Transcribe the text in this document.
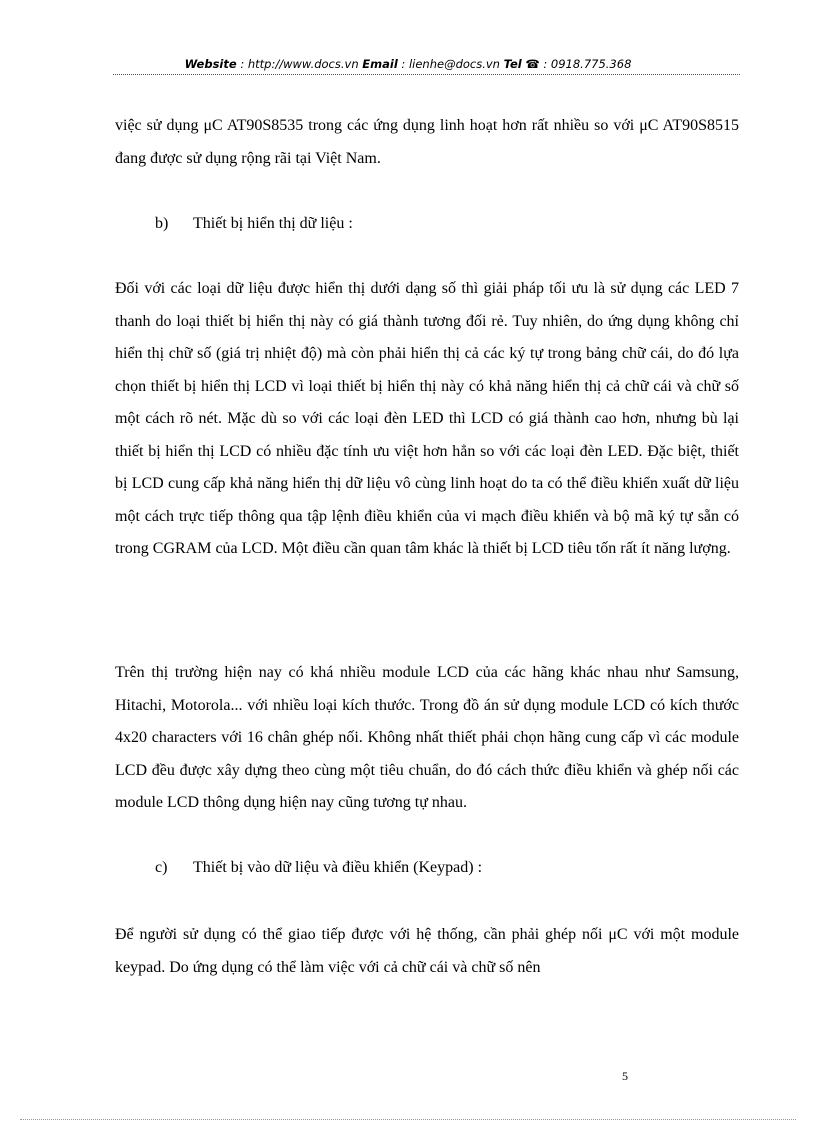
Website : http://www.docs.vn Email : lienhe@docs.vn Tel ☎ : 0918.775.368

việc sử dụng μC AT90S8535 trong các ứng dụng linh hoạt hơn rất nhiều so với μC AT90S8515 đang được sử dụng rộng rãi tại Việt Nam.

b) Thiết bị hiển thị dữ liệu :

Đối với các loại dữ liệu được hiển thị dưới dạng số thì giải pháp tối ưu là sử dụng các LED 7 thanh do loại thiết bị hiển thị này có giá thành tương đối rẻ. Tuy nhiên, do ứng dụng không chỉ hiển thị chữ số (giá trị nhiệt độ) mà còn phải hiển thị cả các ký tự trong bảng chữ cái, do đó lựa chọn thiết bị hiển thị LCD vì loại thiết bị hiển thị này có khả năng hiển thị cả chữ cái và chữ số một cách rõ nét. Mặc dù so với các loại đèn LED thì LCD có giá thành cao hơn, nhưng bù lại thiết bị hiển thị LCD có nhiều đặc tính ưu việt hơn hẳn so với các loại đèn LED. Đặc biệt, thiết bị LCD cung cấp khả năng hiển thị dữ liệu vô cùng linh hoạt do ta có thể điều khiển xuất dữ liệu một cách trực tiếp thông qua tập lệnh điều khiển của vi mạch điều khiển và bộ mã ký tự sẵn có trong CGRAM của LCD. Một điều cần quan tâm khác là thiết bị LCD tiêu tốn rất ít năng lượng.

Trên thị trường hiện nay có khá nhiều module LCD của các hãng khác nhau như Samsung, Hitachi, Motorola... với nhiều loại kích thước. Trong đồ án sử dụng module LCD có kích thước 4x20 characters với 16 chân ghép nối. Không nhất thiết phải chọn hãng cung cấp vì các module LCD đều được xây dựng theo cùng một tiêu chuẩn, do đó cách thức điều khiển và ghép nối các module LCD thông dụng hiện nay cũng tương tự nhau.

c) Thiết bị vào dữ liệu và điều khiển (Keypad) :

Để người sử dụng có thể giao tiếp được với hệ thống, cần phải ghép nối μC với một module keypad. Do ứng dụng có thể làm việc với cả chữ cái và chữ số nên

5
